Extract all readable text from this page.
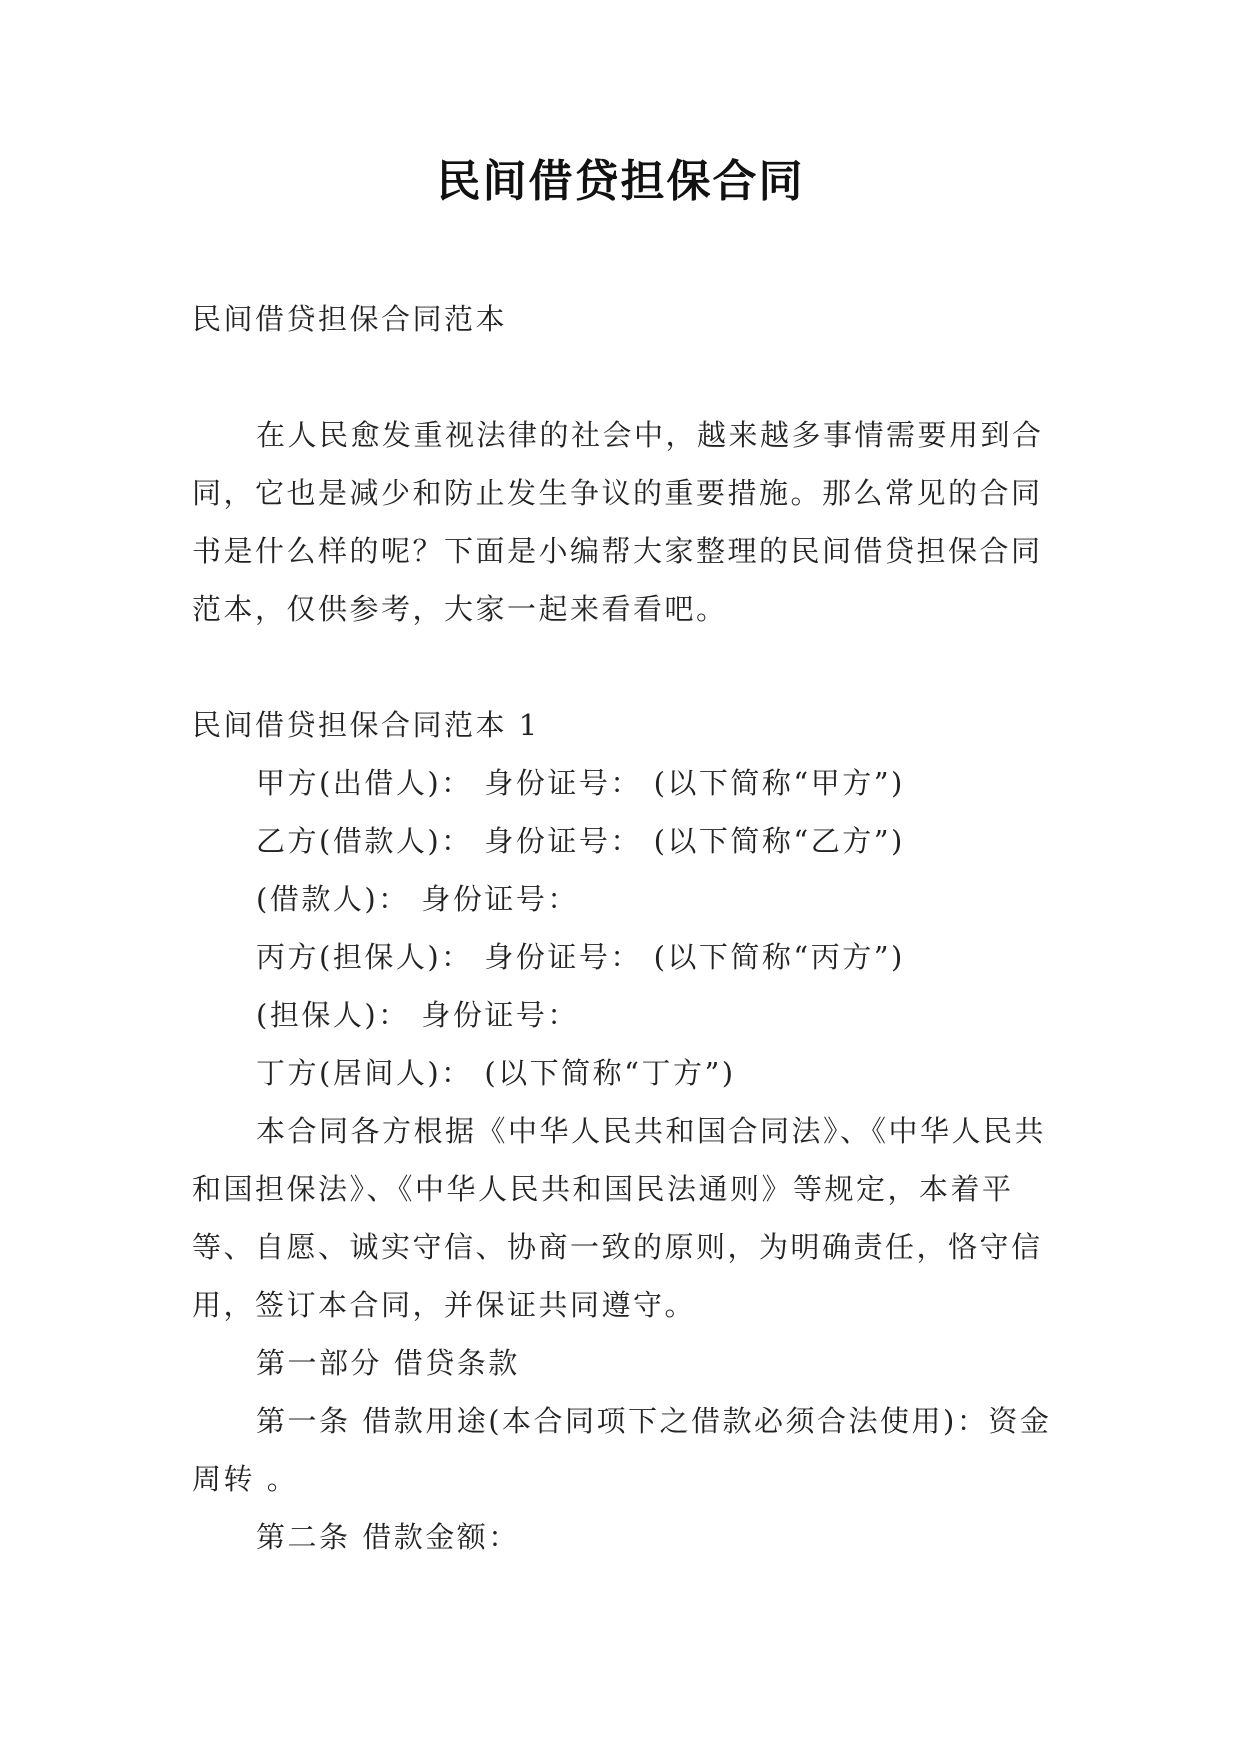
民间借贷担保合同

民间借贷担保合同范本

在人民愈发重视法律的社会中，越来越多事情需要用到合同，它也是减少和防止发生争议的重要措施。那么常见的合同书是什么样的呢？下面是小编帮大家整理的民间借贷担保合同范本，仅供参考，大家一起来看看吧。

民间借贷担保合同范本 1

甲方(出借人)： 身份证号： (以下简称“甲方”)

乙方(借款人)： 身份证号： (以下简称“乙方”)

(借款人)： 身份证号：

丙方(担保人)： 身份证号： (以下简称“丙方”)

(担保人)： 身份证号：

丁方(居间人)： (以下简称“丁方”)

本合同各方根据《中华人民共和国合同法》、《中华人民共和国担保法》、《中华人民共和国民法通则》等规定，本着平等、自愿、诚实守信、协商一致的原则，为明确责任，恪守信用，签订本合同，并保证共同遵守。

第一部分 借贷条款

第一条 借款用途(本合同项下之借款必须合法使用)：资金周转 。

第二条 借款金额：
